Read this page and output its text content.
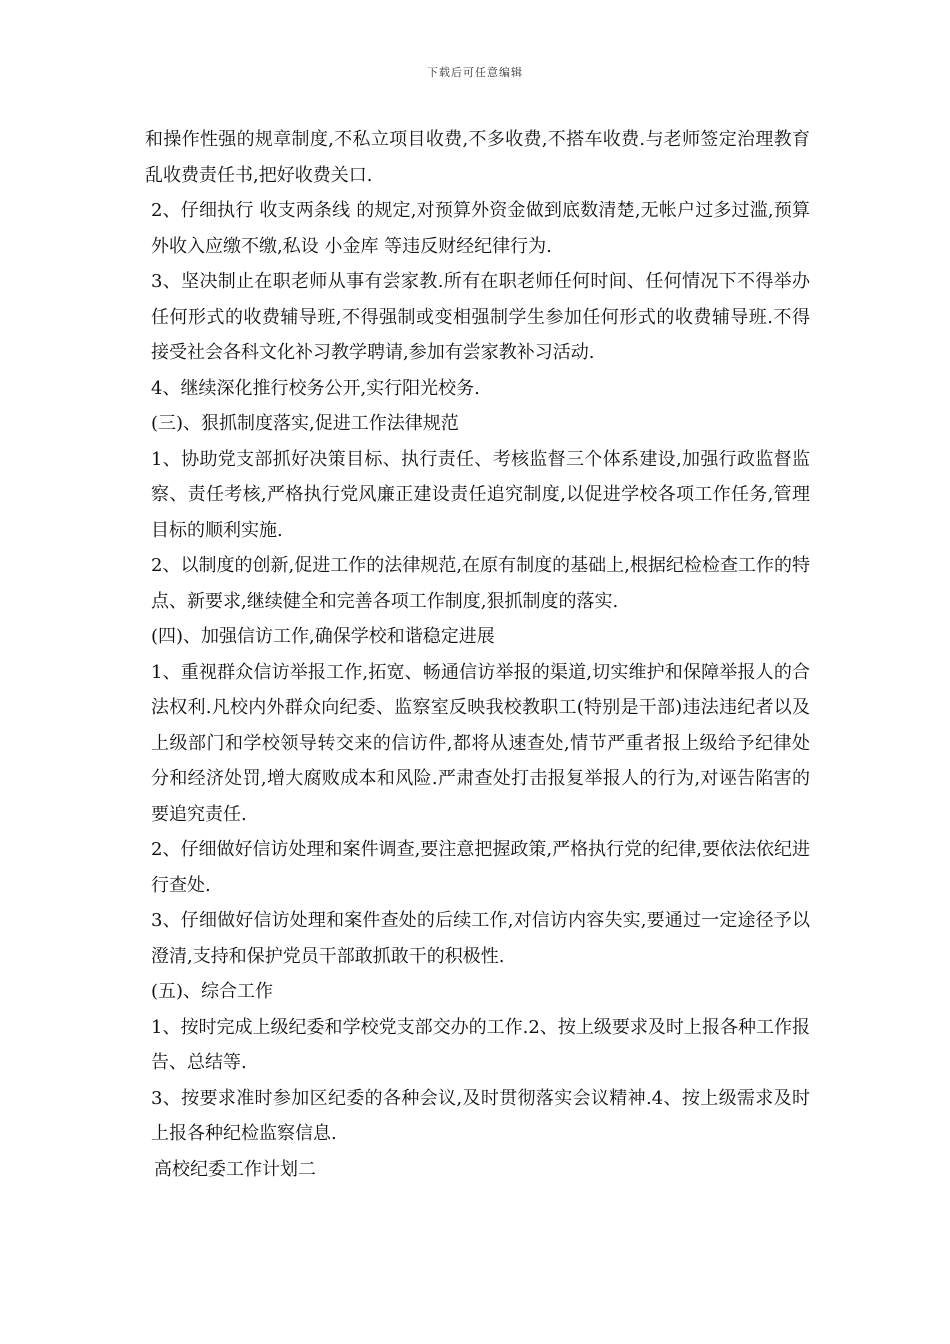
下载后可任意编辑

和操作性强的规章制度,不私立项目收费,不多收费,不搭车收费.与老师签定治理教育乱收费责任书,把好收费关口.

2、仔细执行 收支两条线 的规定,对预算外资金做到底数清楚,无帐户过多过滥,预算外收入应缴不缴,私设 小金库 等违反财经纪律行为.

3、坚决制止在职老师从事有尝家教.所有在职老师任何时间、任何情况下不得举办任何形式的收费辅导班,不得强制或变相强制学生参加任何形式的收费辅导班.不得接受社会各科文化补习教学聘请,参加有尝家教补习活动.

4、继续深化推行校务公开,实行阳光校务.

(三)、狠抓制度落实,促进工作法律规范

1、协助党支部抓好决策目标、执行责任、考核监督三个体系建设,加强行政监督监察、责任考核,严格执行党风廉正建设责任追究制度,以促进学校各项工作任务,管理目标的顺利实施.

2、以制度的创新,促进工作的法律规范,在原有制度的基础上,根据纪检检查工作的特点、新要求,继续健全和完善各项工作制度,狠抓制度的落实.

(四)、加强信访工作,确保学校和谐稳定进展

1、重视群众信访举报工作,拓宽、畅通信访举报的渠道,切实维护和保障举报人的合法权利.凡校内外群众向纪委、监察室反映我校教职工(特别是干部)违法违纪者以及上级部门和学校领导转交来的信访件,都将从速查处,情节严重者报上级给予纪律处分和经济处罚,增大腐败成本和风险.严肃查处打击报复举报人的行为,对诬告陷害的要追究责任.

2、仔细做好信访处理和案件调查,要注意把握政策,严格执行党的纪律,要依法依纪进行查处.

3、仔细做好信访处理和案件查处的后续工作,对信访内容失实,要通过一定途径予以澄清,支持和保护党员干部敢抓敢干的积极性.

(五)、综合工作

1、按时完成上级纪委和学校党支部交办的工作.2、按上级要求及时上报各种工作报告、总结等.

3、按要求准时参加区纪委的各种会议,及时贯彻落实会议精神.4、按上级需求及时上报各种纪检监察信息.

高校纪委工作计划二
